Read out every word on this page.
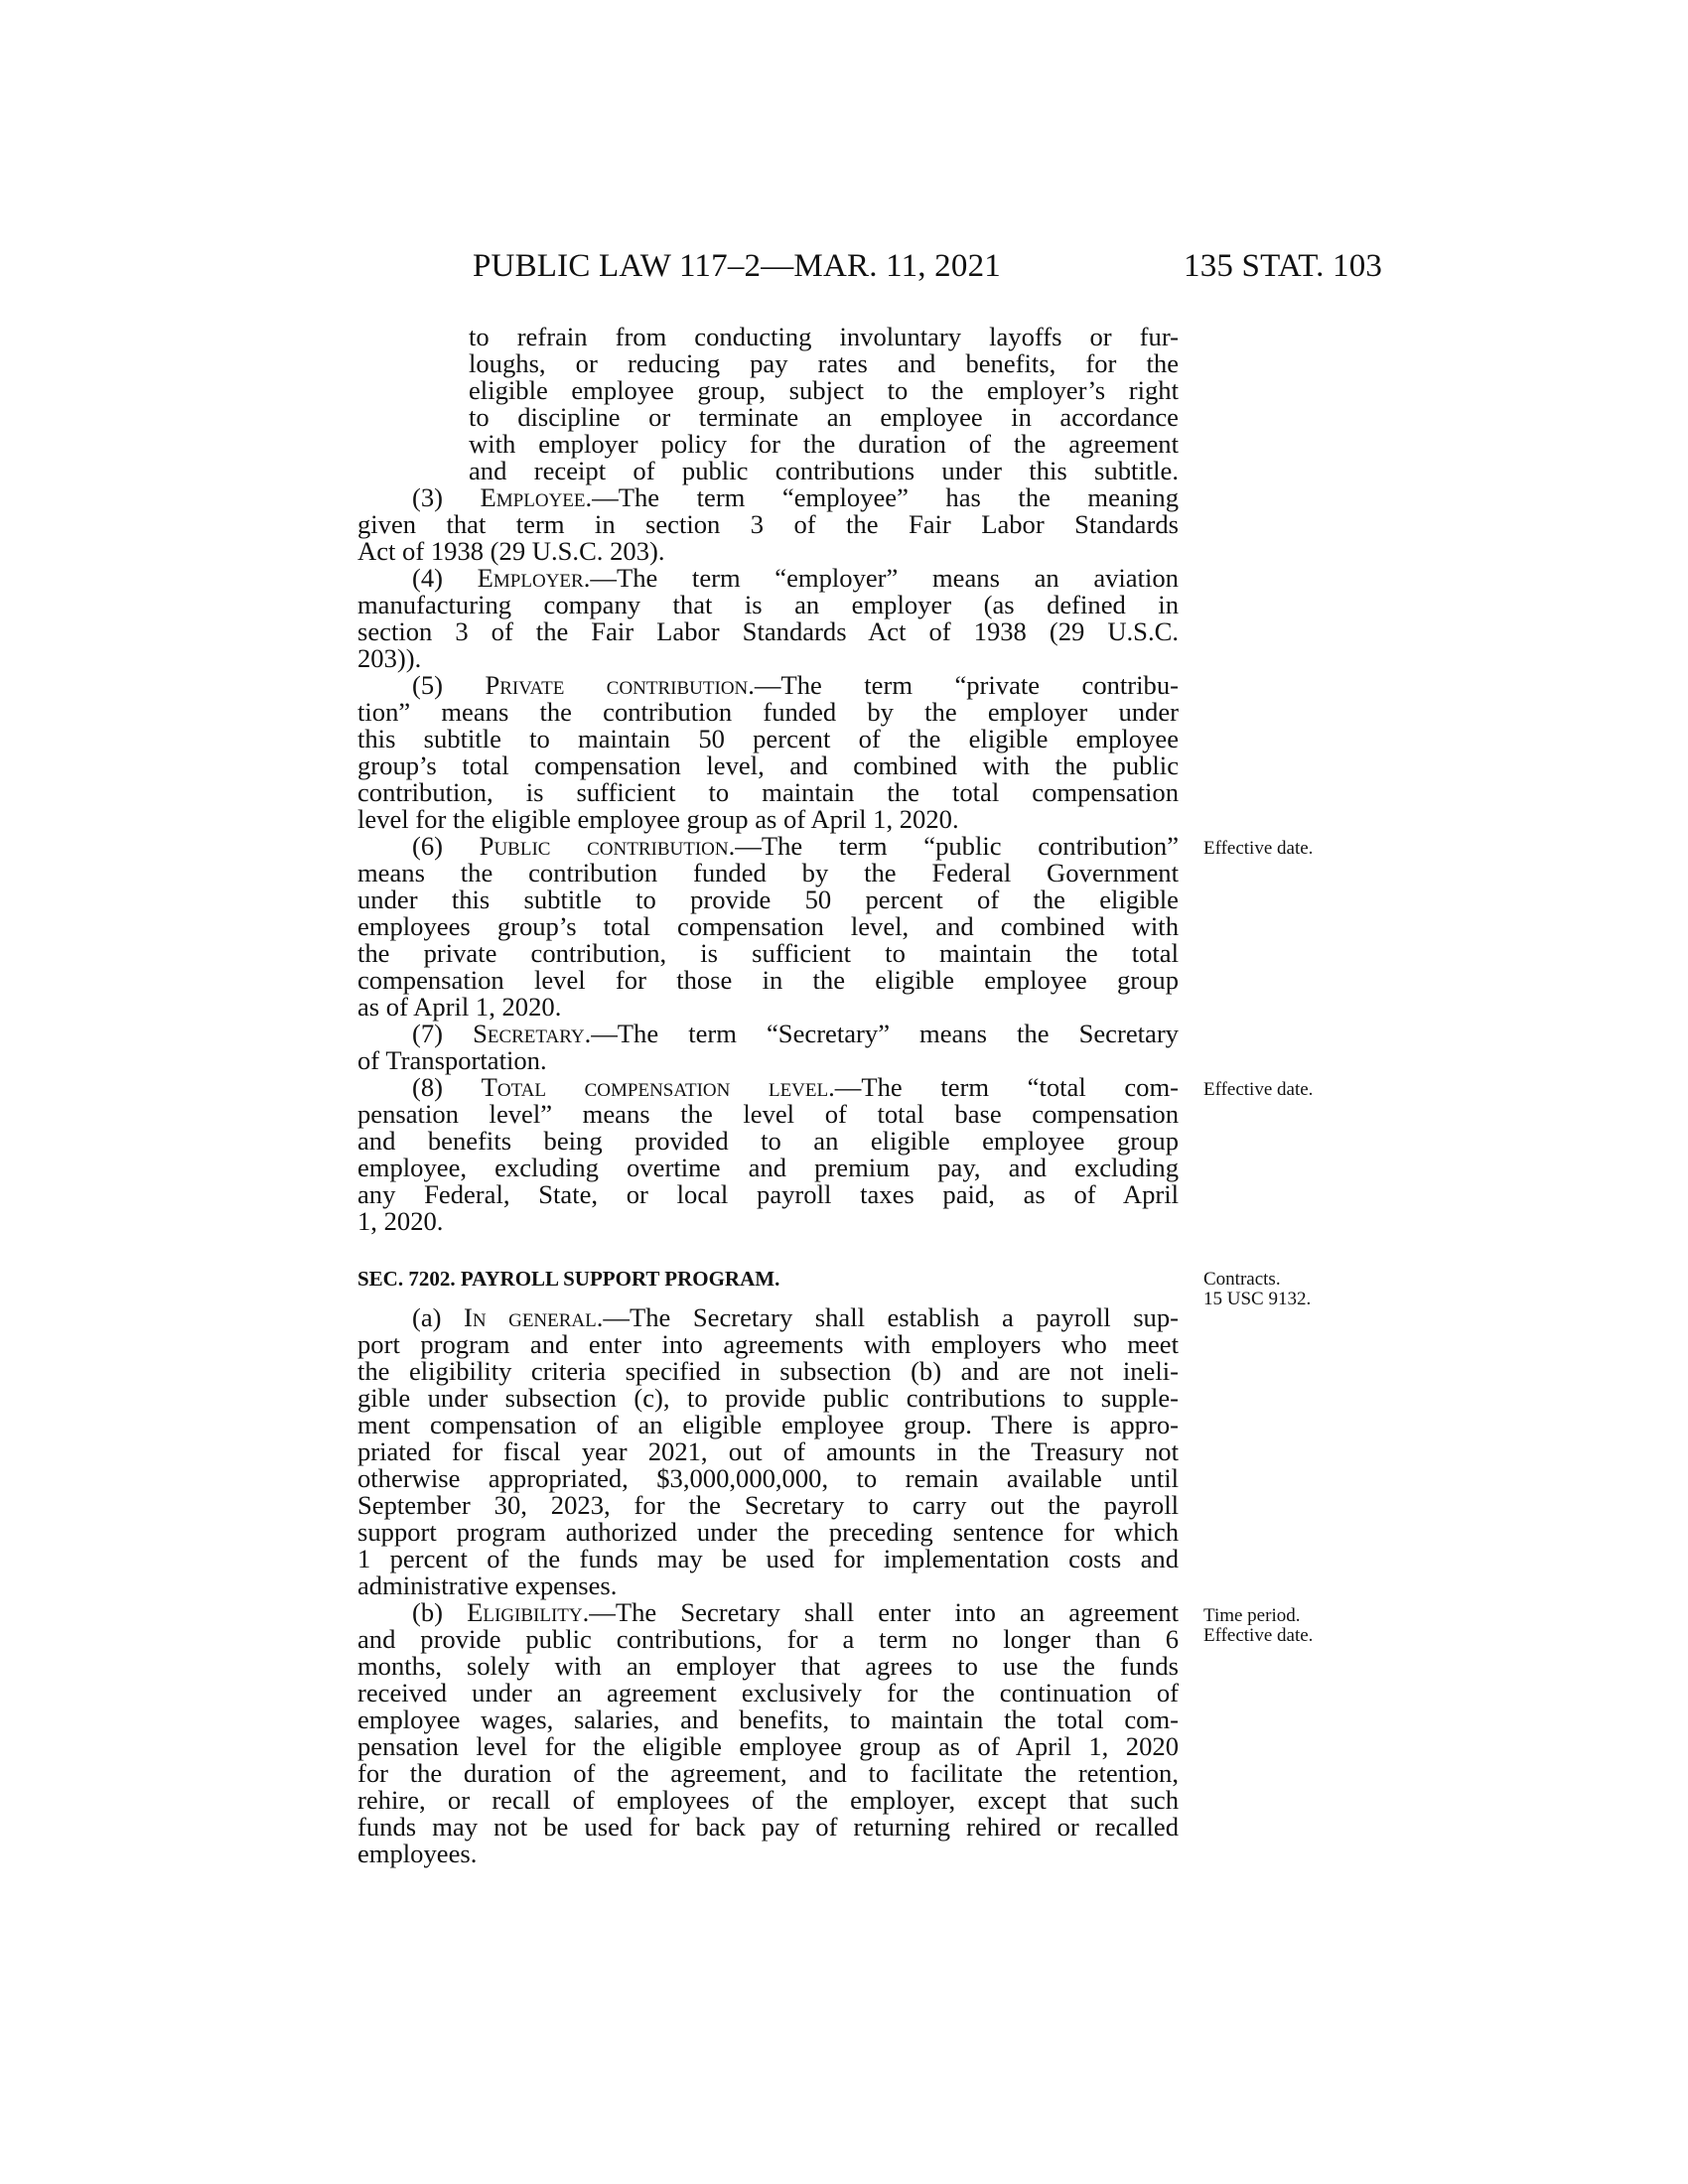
PUBLIC LAW 117–2—MAR. 11, 2021	135 STAT. 103
to refrain from conducting involuntary layoffs or fur-
loughs, or reducing pay rates and benefits, for the
eligible employee group, subject to the employer’s right
to discipline or terminate an employee in accordance
with employer policy for the duration of the agreement
and receipt of public contributions under this subtitle.
(3) Employee.—The term “employee” has the meaning
given that term in section 3 of the Fair Labor Standards
Act of 1938 (29 U.S.C. 203).
(4) Employer.—The term “employer” means an aviation
manufacturing company that is an employer (as defined in
section 3 of the Fair Labor Standards Act of 1938 (29 U.S.C.
203)).
(5) Private contribution.—The term “private contribu-
tion” means the contribution funded by the employer under
this subtitle to maintain 50 percent of the eligible employee
group’s total compensation level, and combined with the public
contribution, is sufficient to maintain the total compensation
level for the eligible employee group as of April 1, 2020.
(6) Public contribution.—The term “public contribution”
means the contribution funded by the Federal Government
under this subtitle to provide 50 percent of the eligible
employees group’s total compensation level, and combined with
the private contribution, is sufficient to maintain the total
compensation level for those in the eligible employee group
as of April 1, 2020.
(7) Secretary.—The term “Secretary” means the Secretary
of Transportation.
(8) Total compensation level.—The term “total com-
pensation level” means the level of total base compensation
and benefits being provided to an eligible employee group
employee, excluding overtime and premium pay, and excluding
any Federal, State, or local payroll taxes paid, as of April
1, 2020.
SEC. 7202. PAYROLL SUPPORT PROGRAM.
(a) In general.—The Secretary shall establish a payroll sup-
port program and enter into agreements with employers who meet
the eligibility criteria specified in subsection (b) and are not ineli-
gible under subsection (c), to provide public contributions to supple-
ment compensation of an eligible employee group. There is appro-
priated for fiscal year 2021, out of amounts in the Treasury not
otherwise appropriated, $3,000,000,000, to remain available until
September 30, 2023, for the Secretary to carry out the payroll
support program authorized under the preceding sentence for which
1 percent of the funds may be used for implementation costs and
administrative expenses.
(b) Eligibility.—The Secretary shall enter into an agreement
and provide public contributions, for a term no longer than 6
months, solely with an employer that agrees to use the funds
received under an agreement exclusively for the continuation of
employee wages, salaries, and benefits, to maintain the total com-
pensation level for the eligible employee group as of April 1, 2020
for the duration of the agreement, and to facilitate the retention,
rehire, or recall of employees of the employer, except that such
funds may not be used for back pay of returning rehired or recalled
employees.
Effective date.
Effective date.
Contracts.
15 USC 9132.
Time period.
Effective date.
